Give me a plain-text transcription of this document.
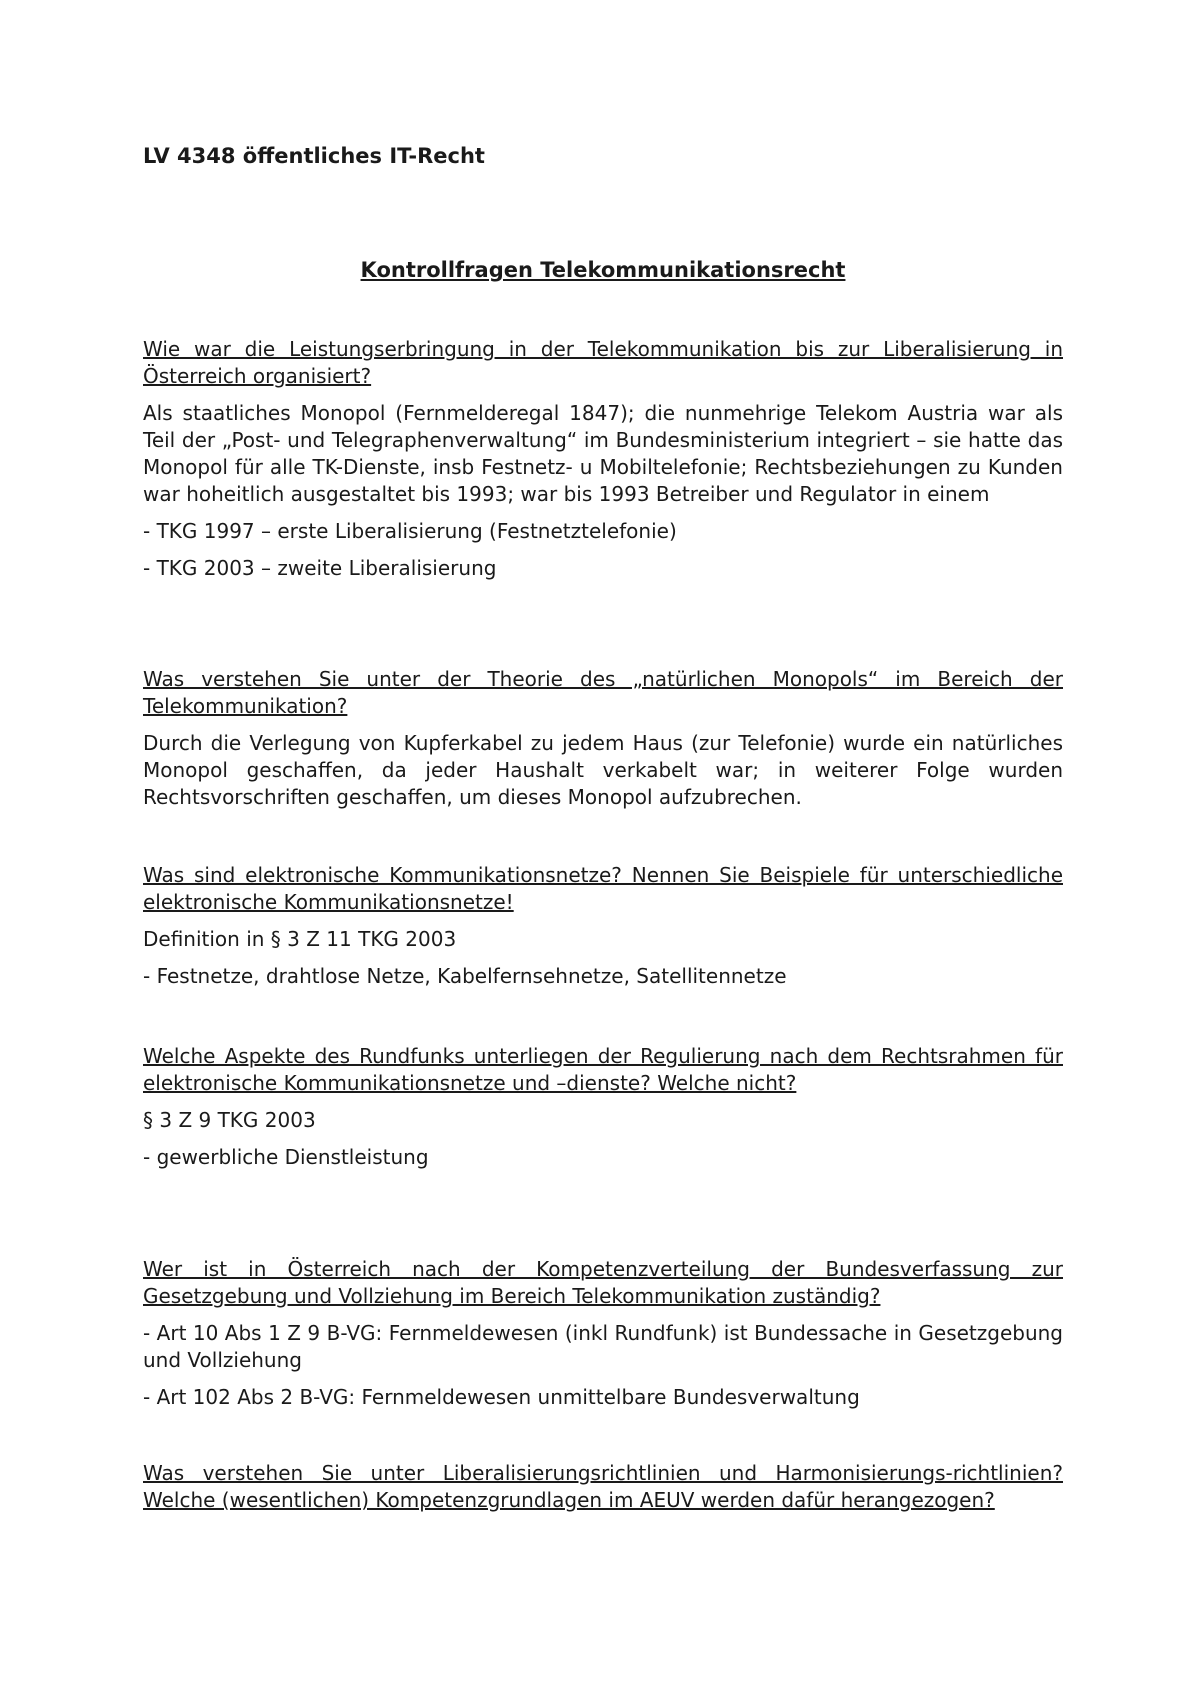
LV 4348 öffentliches IT-Recht

Kontrollfragen Telekommunikationsrecht

Wie war die Leistungserbringung in der Telekommunikation bis zur Liberalisierung in Österreich organisiert?

Als staatliches Monopol (Fernmelderegal 1847); die nunmehrige Telekom Austria war als Teil der „Post- und Telegraphenverwaltung“ im Bundesministerium integriert – sie hatte das Monopol für alle TK-Dienste, insb Festnetz- u Mobiltelefonie; Rechtsbeziehungen zu Kunden war hoheitlich ausgestaltet bis 1993; war bis 1993 Betreiber und Regulator in einem

- TKG 1997 – erste Liberalisierung (Festnetztelefonie)

- TKG 2003 – zweite Liberalisierung

Was verstehen Sie unter der Theorie des „natürlichen Monopols“ im Bereich der Telekommunikation?

Durch die Verlegung von Kupferkabel zu jedem Haus (zur Telefonie) wurde ein natürliches Monopol geschaffen, da jeder Haushalt verkabelt war; in weiterer Folge wurden Rechtsvorschriften geschaffen, um dieses Monopol aufzubrechen.

Was sind elektronische Kommunikationsnetze? Nennen Sie Beispiele für unterschiedliche elektronische Kommunikationsnetze!

Definition in § 3 Z 11 TKG 2003

- Festnetze, drahtlose Netze, Kabelfernsehnetze, Satellitennetze

Welche Aspekte des Rundfunks unterliegen der Regulierung nach dem Rechtsrahmen für elektronische Kommunikationsnetze und –dienste? Welche nicht?

§ 3 Z 9 TKG 2003

- gewerbliche Dienstleistung

Wer ist in Österreich nach der Kompetenzverteilung der Bundesverfassung zur Gesetzgebung und Vollziehung im Bereich Telekommunikation zuständig?

- Art 10 Abs 1 Z 9 B-VG: Fernmeldewesen (inkl Rundfunk) ist Bundessache in Gesetzgebung und Vollziehung

- Art 102 Abs 2 B-VG: Fernmeldewesen unmittelbare Bundesverwaltung

Was verstehen Sie unter Liberalisierungsrichtlinien und Harmonisierungs-richtlinien? Welche (wesentlichen) Kompetenzgrundlagen im AEUV werden dafür herangezogen?
